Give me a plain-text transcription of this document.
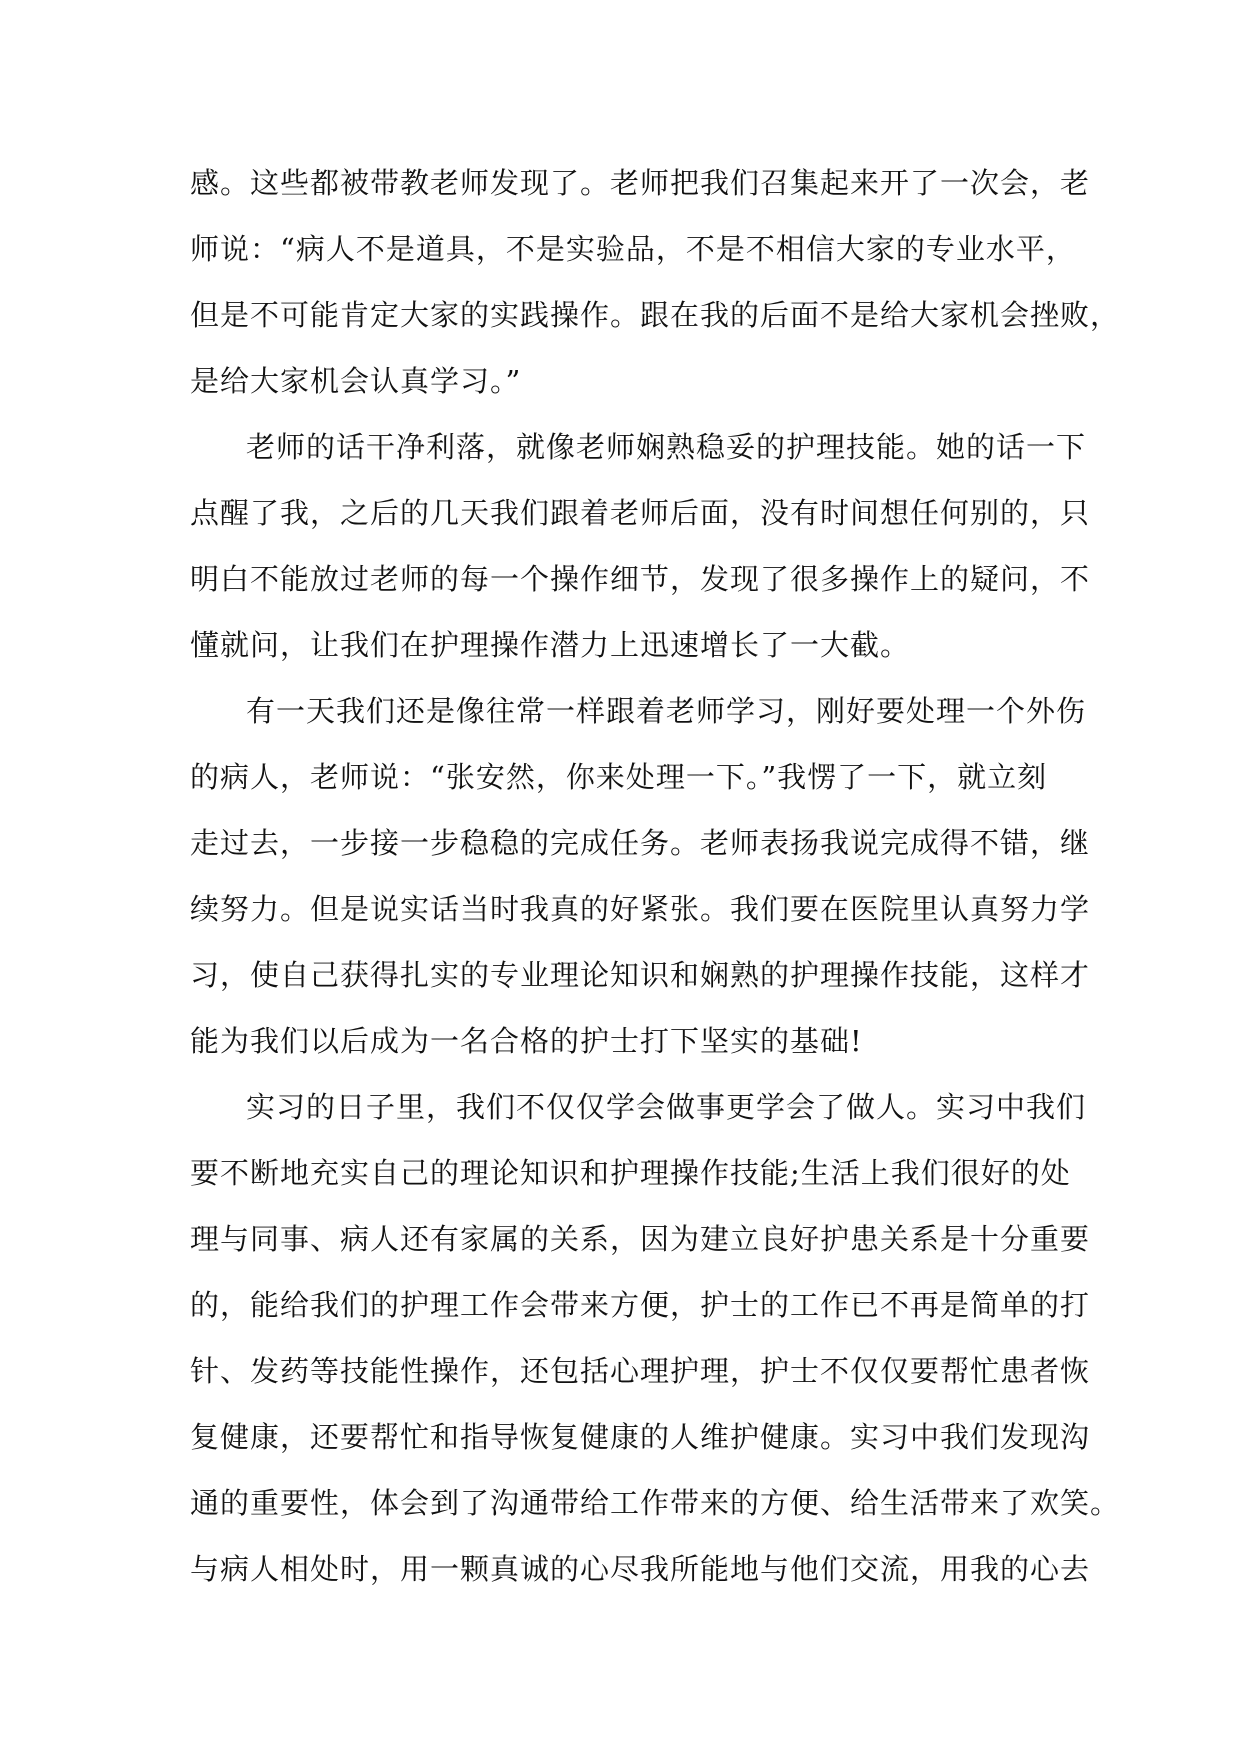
感。这些都被带教老师发现了。老师把我们召集起来开了一次会，老
师说：“病人不是道具，不是实验品，不是不相信大家的专业水平，
但是不可能肯定大家的实践操作。跟在我的后面不是给大家机会挫败，
是给大家机会认真学习。”
老师的话干净利落，就像老师娴熟稳妥的护理技能。她的话一下
点醒了我，之后的几天我们跟着老师后面，没有时间想任何别的，只
明白不能放过老师的每一个操作细节，发现了很多操作上的疑问，不
懂就问，让我们在护理操作潜力上迅速增长了一大截。
有一天我们还是像往常一样跟着老师学习，刚好要处理一个外伤
的病人，老师说：“张安然，你来处理一下。”我愣了一下，就立刻
走过去，一步接一步稳稳的完成任务。老师表扬我说完成得不错，继
续努力。但是说实话当时我真的好紧张。我们要在医院里认真努力学
习，使自己获得扎实的专业理论知识和娴熟的护理操作技能，这样才
能为我们以后成为一名合格的护士打下坚实的基础!
实习的日子里，我们不仅仅学会做事更学会了做人。实习中我们
要不断地充实自己的理论知识和护理操作技能;生活上我们很好的处
理与同事、病人还有家属的关系，因为建立良好护患关系是十分重要
的，能给我们的护理工作会带来方便，护士的工作已不再是简单的打
针、发药等技能性操作，还包括心理护理，护士不仅仅要帮忙患者恢
复健康，还要帮忙和指导恢复健康的人维护健康。实习中我们发现沟
通的重要性，体会到了沟通带给工作带来的方便、给生活带来了欢笑。
与病人相处时，用一颗真诚的心尽我所能地与他们交流，用我的心去
